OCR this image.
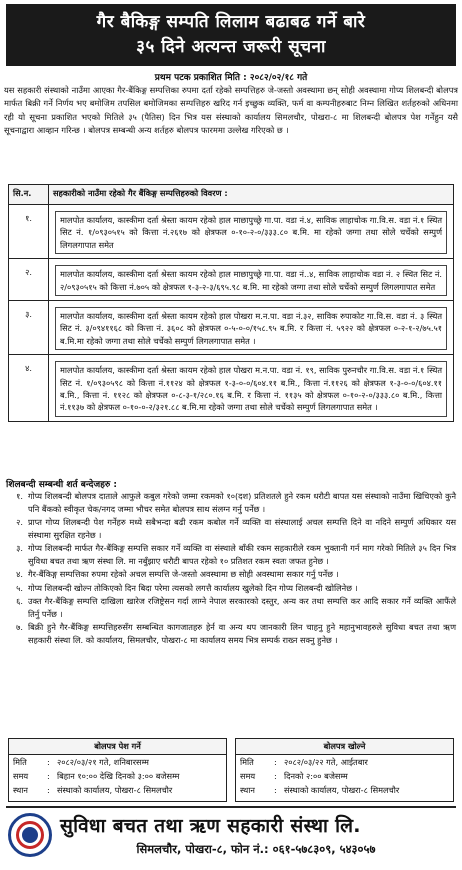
गैर बैकिङ्ग सम्पति लिलाम बढाबढ गर्ने बारे
३५ दिने अत्यन्त जरूरी सूचना
प्रथम पटक प्रकाशित मिति : २०८२/०२/१८ गते
यस सहकारी संस्थाको नाउँमा आएका गैर-बैंकिङ्ग सम्पत्तिका रुपमा दर्ता रहेको सम्पत्तिहरु जे-जस्तो अवस्थामा छन् सोही अवस्थामा गोप्य शिलबन्दी बोलपत्र मार्फत बिक्री गर्ने निर्णय भए बमोजिम तपसिल बमोजिमका सम्पत्तिहरु खरिद गर्न इच्छुक व्यक्ति, फर्म वा कम्पनीहरुबाट निम्न लिखित शर्तहरुको अधिनमा रही यो सूचना प्रकाशित भएको मितिले ३५ (पैतिस) दिन भित्र यस संस्थाको कार्यालय सिमलचौर, पोखरा-८ मा शिलबन्दी बोलपत्र पेश गर्नेहुन यसै सूचनाद्वारा आव्हान गरिन्छ । बोलपत्र सम्बन्धी अन्य शर्तहरु बोलपत्र फारममा उल्लेख गरिएको छ ।
सि.न.	सहकारीको नाउँमा रहेको गैर बैंकिङ्ग सम्पत्तिहरुको विवरण :
१.	मालपोत कार्यालय, कास्कीमा दर्ता श्रेस्ता कायम रहेको हाल माछापुच्छ्रे गा.पा. वडा नं.४, साविक लाहाचोक गा.वि.स. वडा नं.१ स्थित सिट नं. १/०९३०५१५ को कित्ता नं.२६१७ को क्षेत्रफल ०-१०-२-०/३३३.८० ब.मि. मा रहेको जग्गा तथा सोले चर्चेको सम्पुर्ण लिगलगापात समेत

२.	मालपोत कार्यालय, कास्कीमा दर्ता श्रेस्ता कायम रहेको हाल माछापुच्छ्रे गा.पा. वडा नं..४, साविक लाहाचोक वडा नं. २ स्थित सिट नं. २/०९३०५१५ को कित्ता नं.७०५ को क्षेत्रफल १-३-२-३/६९५.९८ ब.मि. मा रहेको जग्गा तथा सोले चर्चेको सम्पुर्ण लिगलगापात समेत

३.	मालपोत कार्यालय, कास्कीमा दर्ता श्रेस्ता कायम रहेको हाल पोखरा म.न.पा. वडा नं.३२, साविक रुपाकोट गा.वि.स. वडा नं. ३ स्थित सिट नं. ३/०९४११६८ को कित्ता नं. ३६०८ को क्षेत्रफल ०-५-०-०/१५८.९५ ब.मि. र कित्ता नं. ५९२२ को क्षेत्रफल ०-२-१-२/७५.५१ ब.मि.मा रहेको जग्गा तथा सोले चर्चेको सम्पुर्ण लिगलगापात समेत ।

४.	मालपोत कार्यालय, कास्कीमा दर्ता श्रेस्ता कायम रहेको हाल पोखरा म.न.पा. वडा नं. १९, साविक पुरुनचौर गा.वि.स. वडा नं.१ स्थित सिट नं. १/०९३०५९८ को कित्ता नं.११२४ को क्षेत्रफल १-३-०-०/६०४.११ ब.मि., कित्ता नं.११२६ को क्षेत्रफल १-३-०-०/६०४.११ ब.मि., कित्ता नं. ११२८ को क्षेत्रफल ०-८-३-१/२८०.१६ ब.मि. र कित्ता नं. ११३५ को क्षेत्रफल ०-१०-२-०/३३३.८० ब.मि., कित्ता नं.११३७ को क्षेत्रफल ०-१०-०-२/३२१.८८ ब.मि.मा रहेको जग्गा तथा सोले चर्चेको सम्पुर्ण लिगलगापात समेत ।
शिलबन्दी सम्बन्धी शर्त बन्देजहरु :
१. गोप्य शिलबन्दी बोलपत्र दाताले आफुले कबुल गरेको जम्मा रकमको १०(दश) प्रतिशतले हुने रकम धरौटी बापत यस संस्थाको नाउँमा खिचिएको कुनै पनि बैंकको स्वीकृत चेक/नगद जम्मा भौचर समेत बोलपत्र साथ संलग्न गर्नु पर्नेछ ।
२. प्राप्त गोप्य शिलबन्दी पेश गर्नेहरु मध्ये सबैभन्दा बढी रकम कबोल गर्ने व्यक्ति वा संस्थालाई अचल सम्पत्ति दिने वा नदिने सम्पुर्ण अधिकार यस संस्थामा सुरक्षित रहनेछ ।
३. गोप्य शिलबन्दी मार्फत गैर-बैंकिङ्ग सम्पत्ति सकार गर्ने व्यक्ति वा संस्थाले बाँकी रकम सहकारीले रकम भुक्तानी गर्न माग गरेको मितिले ३५ दिन भित्र सुविधा बचत तथा ऋण संस्था लि. मा नबुँझाए धरौटी बापत रहेको १० प्रतिशत रकम स्वतः जफत हुनेछ ।
४. गैर-बैंकिङ्ग सम्पत्तिका रुपमा रहेको अचल सम्पत्ति जे-जस्तो अवस्थामा छ सोही अवस्थामा सकार गर्नु पर्नेछ ।
५. गोप्य शिलबन्दी खोल्न तोकिएको दिन बिदा परेमा त्यसको लगत्तै कार्यालय खुलेको दिन गोप्य शिलबन्दी खोलिनेछ ।
६. उक्त गैर-बैंकिङ्ग सम्पत्ति दाखिला खारेज रजिष्ट्रेसन गर्दा लाग्ने नेपाल सरकारको दस्तुर, अन्य कर तथा सम्पत्ति कर आदि सकार गर्ने व्यक्ति आफैंले तिर्नु पर्नेछ ।
७. बिक्री हुने गैर-बैंकिङ्ग सम्पत्तिहरुसँग सम्बन्धित कागजातहरु हेर्न वा अन्य थप जानकारी लिन चाहनु हुने महानुभावहरुले सुविधा बचत तथा ऋण सहकारी संस्था लि. को कार्यालय, सिमलचौर, पोखरा-८ मा कार्यालय समय भित्र सम्पर्क राख्न सक्नु हुनेछ ।
बोलपत्र पेश गर्ने
मिति	: २०८२/०३/२१ गते, शनिबारसम्म
समय	: बिहान १०:०० देखि दिनको ३:०० बजेसम्म
स्थान	: संस्थाको कार्यालय, पोखरा-८ सिमलचौर
बोलपत्र खोल्ने
मिति	: २०८२/०३/२२ गते, आईतबार
समय	: दिनको २:०० बजेसम्म
स्थान	: संस्थाको कार्यालय, पोखरा-८ सिमलचौर
सुविधा बचत तथा ऋण सहकारी संस्था लि.
सिमलचौर, पोखरा-८, फोन नं.: ०६१-५७८३०९, ५४३०५७
